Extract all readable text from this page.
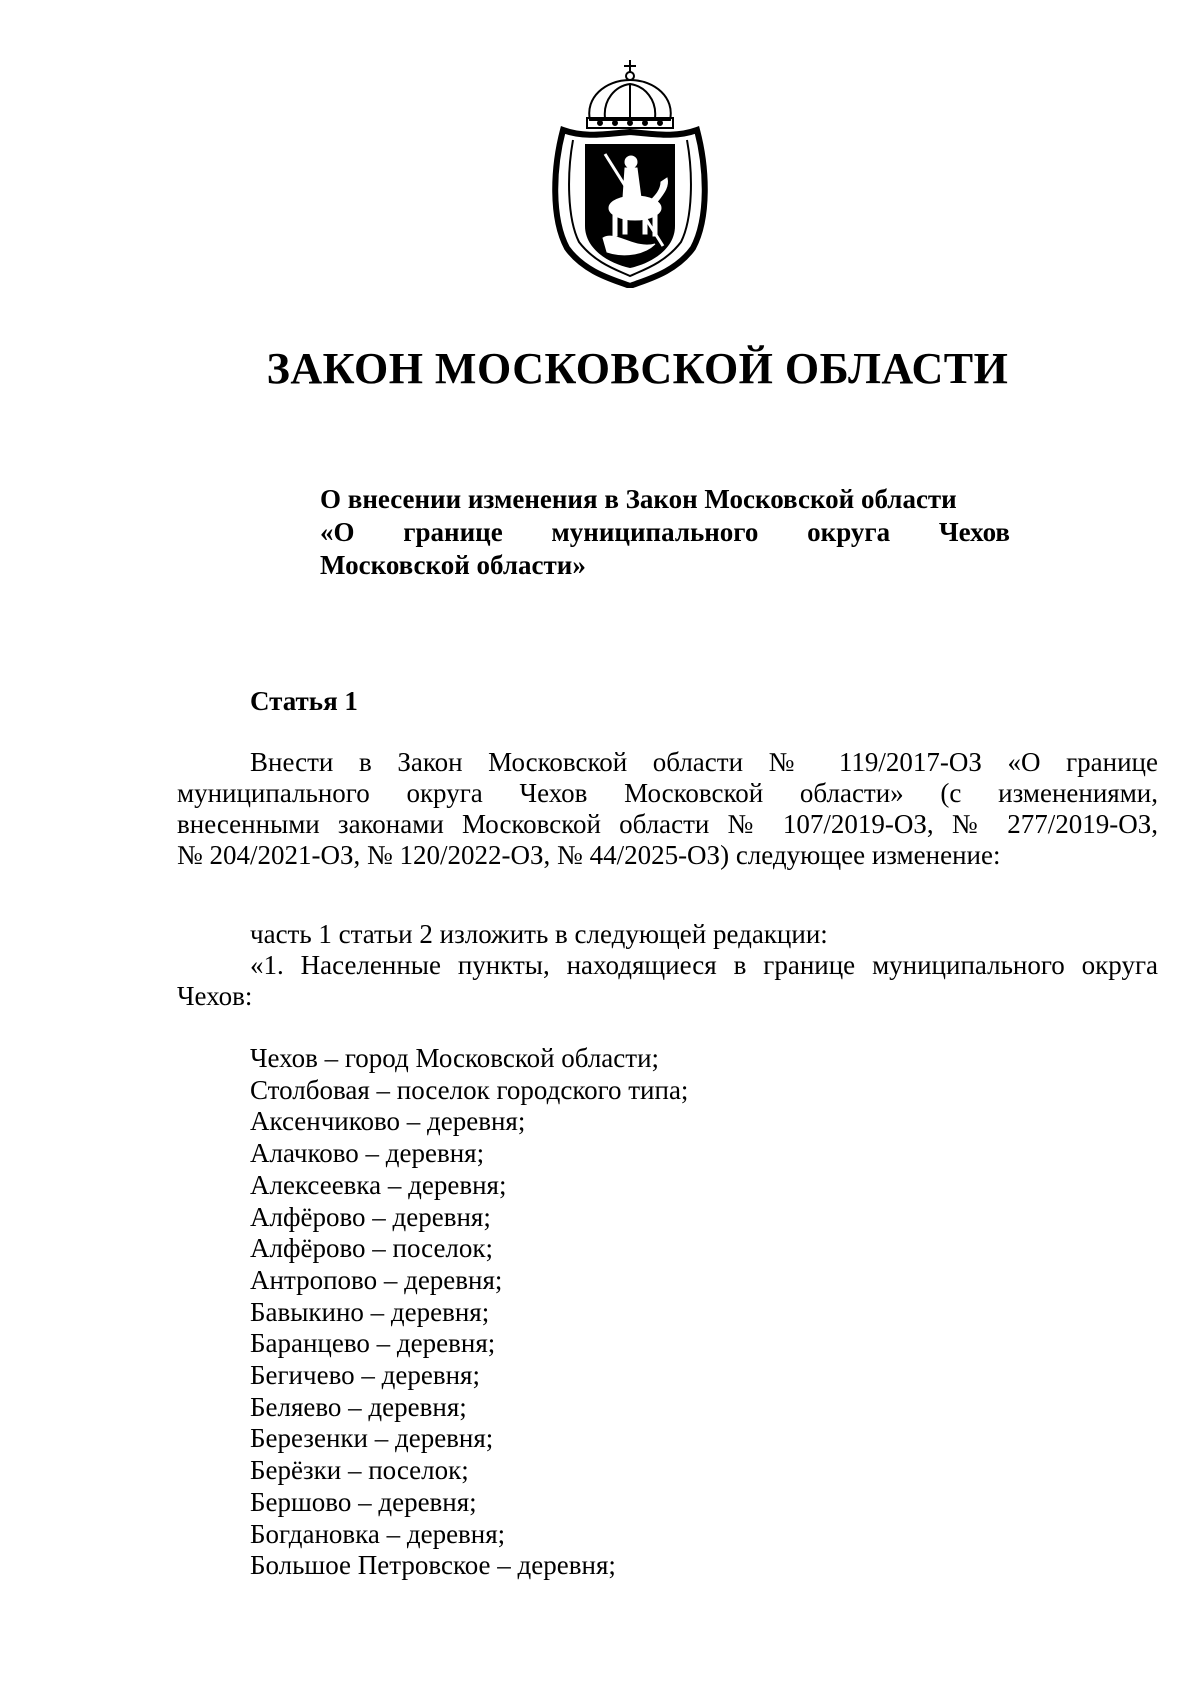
ЗАКОН МОСКОВСКОЙ ОБЛАСТИ
О внесении изменения в Закон Московской области
«О границе муниципального округа Чехов
Московской области»
Статья 1
Внести в Закон Московской области № 119/2017-ОЗ «О границе
муниципального округа Чехов Московской области» (с изменениями,
внесенными законами Московской области № 107/2019-ОЗ, № 277/2019-ОЗ,
№ 204/2021-ОЗ, № 120/2022-ОЗ, № 44/2025-ОЗ) следующее изменение:
часть 1 статьи 2 изложить в следующей редакции:
«1. Населенные пункты, находящиеся в границе муниципального округа
Чехов:
Чехов – город Московской области;
Столбовая – поселок городского типа;
Аксенчиково – деревня;
Алачково – деревня;
Алексеевка – деревня;
Алфёрово – деревня;
Алфёрово – поселок;
Антропово – деревня;
Бавыкино – деревня;
Баранцево – деревня;
Бегичево – деревня;
Беляево – деревня;
Березенки – деревня;
Берёзки – поселок;
Бершово – деревня;
Богдановка – деревня;
Большое Петровское – деревня;
